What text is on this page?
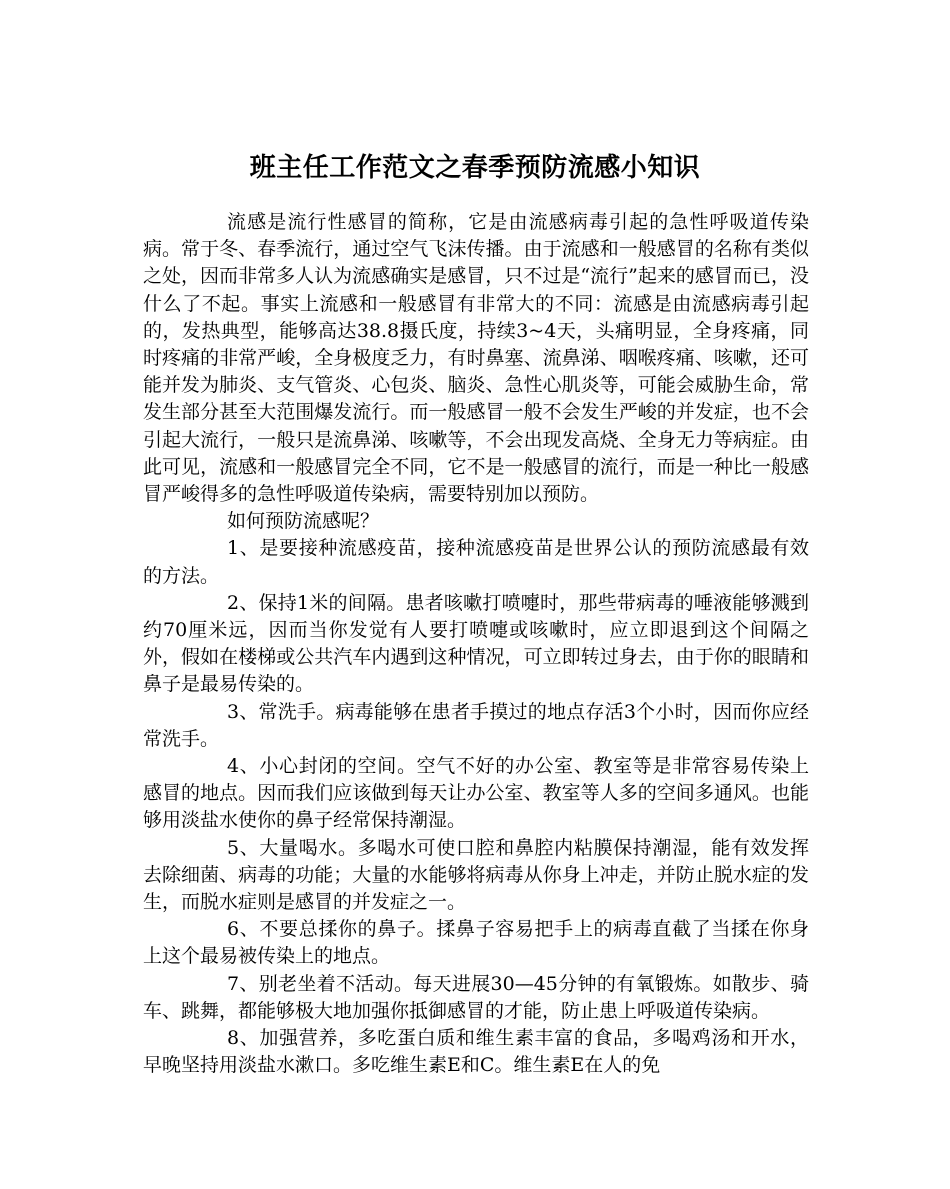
班主任工作范文之春季预防流感小知识

流感是流行性感冒的简称，它是由流感病毒引起的急性呼吸道传染病。常于冬、春季流行，通过空气飞沫传播。由于流感和一般感冒的名称有类似之处，因而非常多人认为流感确实是感冒，只不过是“流行”起来的感冒而已，没什么了不起。事实上流感和一般感冒有非常大的不同：流感是由流感病毒引起的，发热典型，能够高达38.8摄氏度，持续3~4天，头痛明显，全身疼痛，同时疼痛的非常严峻，全身极度乏力，有时鼻塞、流鼻涕、咽喉疼痛、咳嗽，还可能并发为肺炎、支气管炎、心包炎、脑炎、急性心肌炎等，可能会威胁生命，常发生部分甚至大范围爆发流行。而一般感冒一般不会发生严峻的并发症，也不会引起大流行，一般只是流鼻涕、咳嗽等，不会出现发高烧、全身无力等病症。由此可见，流感和一般感冒完全不同，它不是一般感冒的流行，而是一种比一般感冒严峻得多的急性呼吸道传染病，需要特别加以预防。

如何预防流感呢？

1、是要接种流感疫苗，接种流感疫苗是世界公认的预防流感最有效的方法。

2、保持1米的间隔。患者咳嗽打喷嚏时，那些带病毒的唾液能够溅到约70厘米远，因而当你发觉有人要打喷嚏或咳嗽时，应立即退到这个间隔之外，假如在楼梯或公共汽车内遇到这种情况，可立即转过身去，由于你的眼睛和鼻子是最易传染的。

3、常洗手。病毒能够在患者手摸过的地点存活3个小时，因而你应经常洗手。

4、小心封闭的空间。空气不好的办公室、教室等是非常容易传染上感冒的地点。因而我们应该做到每天让办公室、教室等人多的空间多通风。也能够用淡盐水使你的鼻子经常保持潮湿。

5、大量喝水。多喝水可使口腔和鼻腔内粘膜保持潮湿，能有效发挥去除细菌、病毒的功能；大量的水能够将病毒从你身上冲走，并防止脱水症的发生，而脱水症则是感冒的并发症之一。

6、不要总揉你的鼻子。揉鼻子容易把手上的病毒直截了当揉在你身上这个最易被传染上的地点。

7、别老坐着不活动。每天进展30—45分钟的有氧锻炼。如散步、骑车、跳舞，都能够极大地加强你抵御感冒的才能，防止患上呼吸道传染病。

8、加强营养，多吃蛋白质和维生素丰富的食品，多喝鸡汤和开水，早晚坚持用淡盐水漱口。多吃维生素E和C。维生素E在人的免
